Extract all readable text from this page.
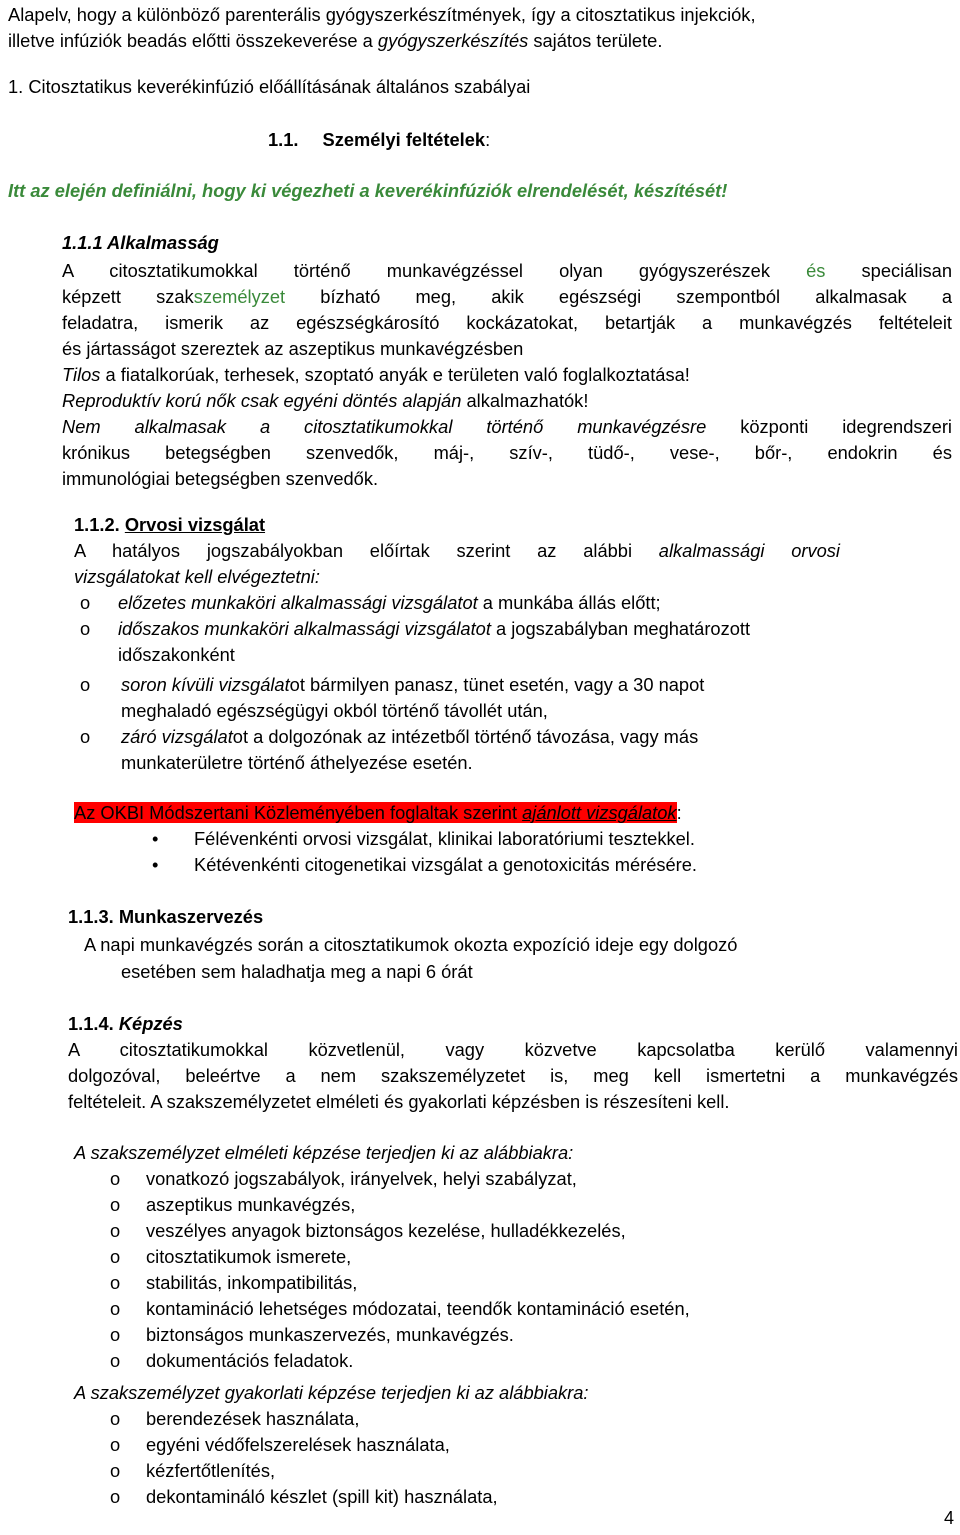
Alapelv, hogy a különböző parenterális gyógyszerkészítmények, így a citosztatikus injekciók,
illetve infúziók beadás előtti összekeverése a gyógyszerkészítés sajátos területe.
1. Citosztatikus keverékinfúzió előállításának általános szabályai
1.1. Személyi feltételek:
Itt az elején definiálni, hogy ki végezheti a keverékinfúziók elrendelését, készítését!
1.1.1 Alkalmasság
A citosztatikumokkal történő munkavégzéssel olyan gyógyszerészek és speciálisan
képzett szakszemélyzet bízható meg, akik egészségi szempontból alkalmasak a
feladatra, ismerik az egészségkárosító kockázatokat, betartják a munkavégzés feltételeit
és jártasságot szereztek az aszeptikus munkavégzésben
Tilos a fiatalkorúak, terhesek, szoptató anyák e területen való foglalkoztatása!
Reproduktív korú nők csak egyéni döntés alapján alkalmazhatók!
Nem alkalmasak a citosztatikumokkal történő munkavégzésre központi idegrendszeri
krónikus betegségben szenvedők, máj-, szív-, tüdő-, vese-, bőr-, endokrin és
immunológiai betegségben szenvedők.
1.1.2. Orvosi vizsgálat
A hatályos jogszabályokban előírtak szerint az alábbi alkalmassági orvosi
vizsgálatokat kell elvégeztetni:
o előzetes munkaköri alkalmassági vizsgálatot a munkába állás előtt;
o időszakos munkaköri alkalmassági vizsgálatot a jogszabályban meghatározott
időszakonként
o soron kívüli vizsgálatot bármilyen panasz, tünet esetén, vagy a 30 napot
meghaladó egészségügyi okból történő távollét után,
o záró vizsgálatot a dolgozónak az intézetből történő távozása, vagy más
munkaterületre történő áthelyezése esetén.
Az OKBI Módszertani Közleményében foglaltak szerint ajánlott vizsgálatok:
• Félévenkénti orvosi vizsgálat, klinikai laboratóriumi tesztekkel.
• Kétévenkénti citogenetikai vizsgálat a genotoxicitás mérésére.
1.1.3. Munkaszervezés
A napi munkavégzés során a citosztatikumok okozta expozíció ideje egy dolgozó
esetében sem haladhatja meg a napi 6 órát
1.1.4. Képzés
A citosztatikumokkal közvetlenül, vagy közvetve kapcsolatba kerülő valamennyi
dolgozóval, beleértve a nem szakszemélyzetet is, meg kell ismertetni a munkavégzés
feltételeit. A szakszemélyzetet elméleti és gyakorlati képzésben is részesíteni kell.
A szakszemélyzet elméleti képzése terjedjen ki az alábbiakra:
o vonatkozó jogszabályok, irányelvek, helyi szabályzat,
o aszeptikus munkavégzés,
o veszélyes anyagok biztonságos kezelése, hulladékkezelés,
o citosztatikumok ismerete,
o stabilitás, inkompatibilitás,
o kontamináció lehetséges módozatai, teendők kontamináció esetén,
o biztonságos munkaszervezés, munkavégzés.
o dokumentációs feladatok.
A szakszemélyzet gyakorlati képzése terjedjen ki az alábbiakra:
o berendezések használata,
o egyéni védőfelszerelések használata,
o kézfertőtlenítés,
o dekontamináló készlet (spill kit) használata,
4
